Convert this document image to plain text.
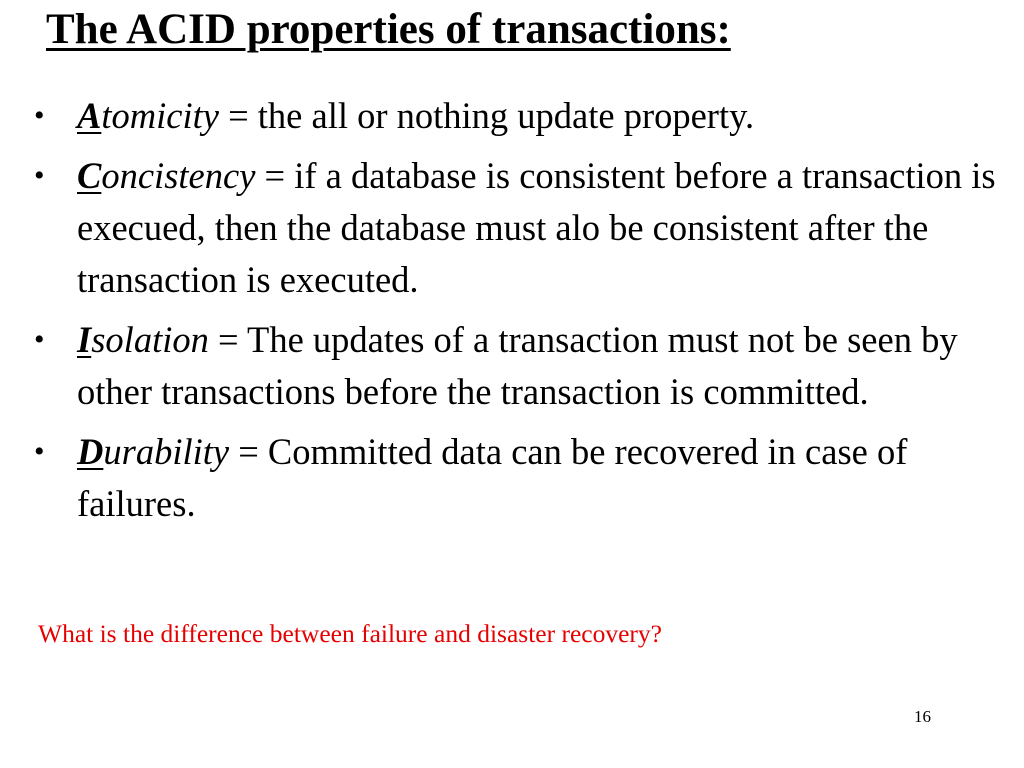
The ACID properties of transactions:
• Atomicity = the all or nothing update property.
• Concistency = if a database is consistent before a transaction is execued, then the database must alo be consistent after the transaction is executed.
• Isolation = The updates of a transaction must not be seen by other transactions before the transaction is committed.
• Durability = Committed data can be recovered in case of failures.

What is the difference between failure and disaster recovery?

16
